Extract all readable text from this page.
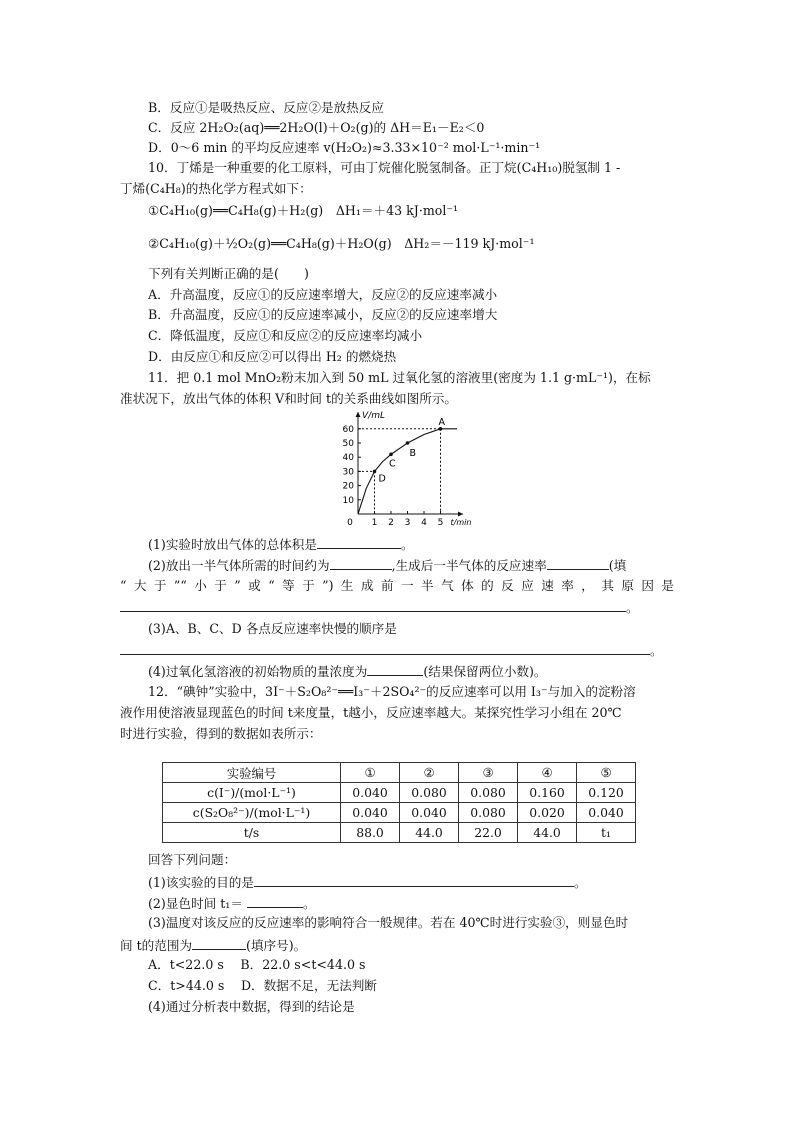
B．反应①是吸热反应、反应②是放热反应
C．反应 2H₂O₂(aq)══2H₂O(l)＋O₂(g)的 ΔH＝E₁－E₂＜0
D．0～6 min 的平均反应速率 v(H₂O₂)≈3.33×10⁻² mol·L⁻¹·min⁻¹
10．丁烯是一种重要的化工原料，可由丁烷催化脱氢制备。正丁烷(C₄H₁₀)脱氢制 1 -
丁烯(C₄H₈)的热化学方程式如下：
①C₄H₁₀(g)══C₄H₈(g)＋H₂(g)　ΔH₁＝＋43 kJ·mol⁻¹
②C₄H₁₀(g)＋½O₂(g)══C₄H₈(g)＋H₂O(g)　ΔH₂＝－119 kJ·mol⁻¹
下列有关判断正确的是(　　)
A．升高温度，反应①的反应速率增大，反应②的反应速率减小
B．升高温度，反应①的反应速率减小，反应②的反应速率增大
C．降低温度，反应①和反应②的反应速率均减小
D．由反应①和反应②可以得出 H₂ 的燃烧热
11．把 0.1 mol MnO₂粉末加入到 50 mL 过氧化氢的溶液里(密度为 1.1 g·mL⁻¹)，在标
准状况下，放出气体的体积 V和时间 t的关系曲线如图所示。
0 1 2 3 4 5
10
20
30
40
50
60
V/mL
t/min
D
C
B
A
(1)实验时放出气体的总体积是	。
(2)放出一半气体所需的时间约为	,生成后一半气体的反应速率	(填
“大于”“小于”或“等于”)生成前一半气体的反应速率，其原因是
。
(3)A、B、C、D 各点反应速率快慢的顺序是
。
(4)过氧化氢溶液的初始物质的量浓度为	(结果保留两位小数)。
12．“碘钟”实验中，3I⁻＋S₂O₈²⁻══I₃⁻＋2SO₄²⁻的反应速率可以用 I₃⁻与加入的淀粉溶
液作用使溶液显现蓝色的时间 t来度量，t越小，反应速率越大。某探究性学习小组在 20℃
时进行实验，得到的数据如表所示：
实验编号	①	②	③	④	⑤
c(I⁻)/(mol·L⁻¹)	0.040	0.080	0.080	0.160	0.120
c(S₂O₈²⁻)/(mol·L⁻¹)	0.040	0.040	0.080	0.020	0.040
t/s	88.0	44.0	22.0	44.0	t₁
回答下列问题：
(1)该实验的目的是	。
(2)显色时间 t₁＝	。
(3)温度对该反应的反应速率的影响符合一般规律。若在 40℃时进行实验③，则显色时
间 t的范围为	(填序号)。
A．t<22.0 s　 B．22.0 s<t<44.0 s
C．t>44.0 s　 D．数据不足，无法判断
(4)通过分析表中数据，得到的结论是
